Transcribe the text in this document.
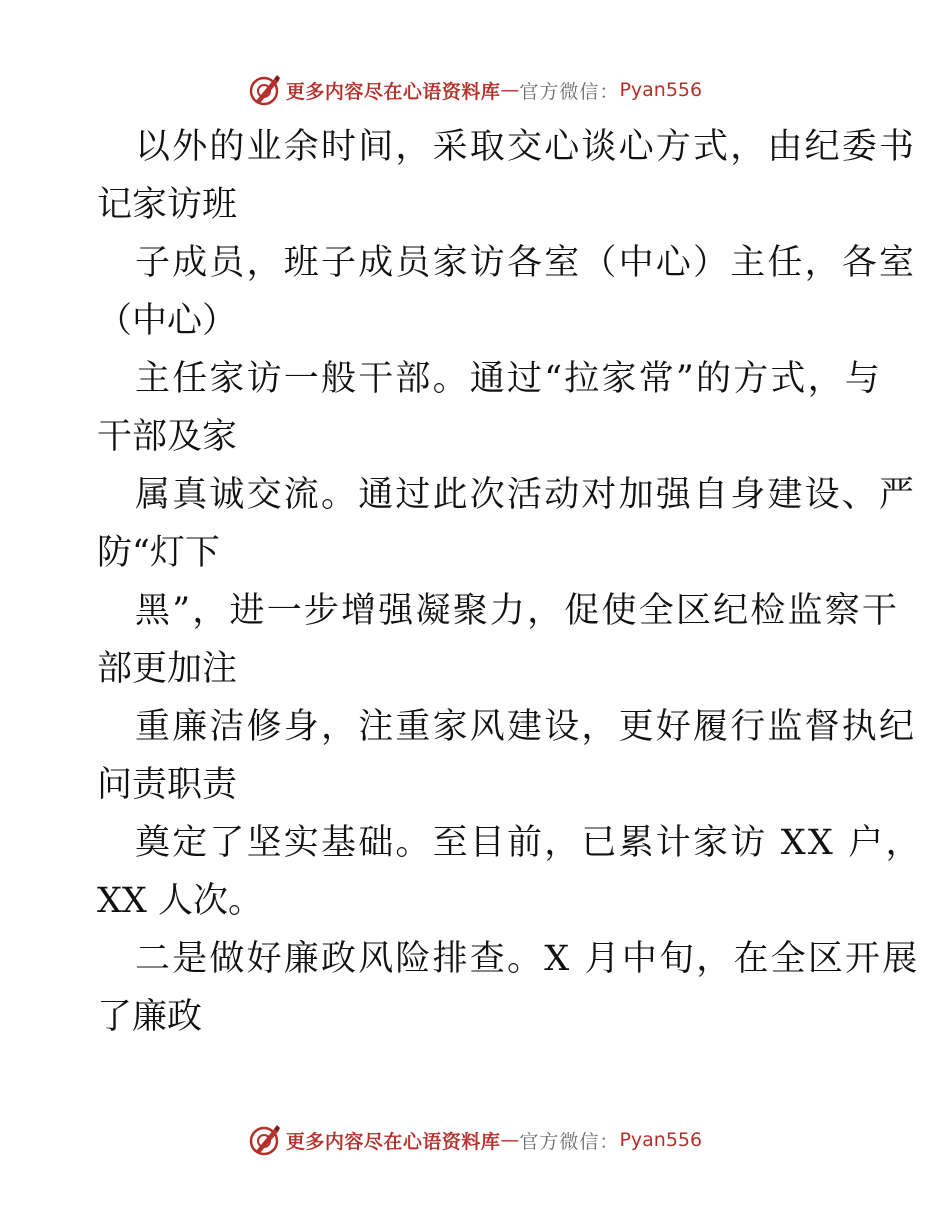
更多内容尽在心语资料库 — 官方微信： Pyan556
以外的业余时间，采取交心谈心方式，由纪委书
记家访班
子成员，班子成员家访各室（中心）主任，各室
（中心）
主任家访一般干部。通过“拉家常”的方式，与
干部及家
属真诚交流。通过此次活动对加强自身建设、严
防“灯下
黑”，进一步增强凝聚力，促使全区纪检监察干
部更加注
重廉洁修身，注重家风建设，更好履行监督执纪
问责职责
奠定了坚实基础。至目前，已累计家访 XX 户，
XX 人次。
二是做好廉政风险排查。X 月中旬，在全区开展
了廉政
更多内容尽在心语资料库 — 官方微信： Pyan556
